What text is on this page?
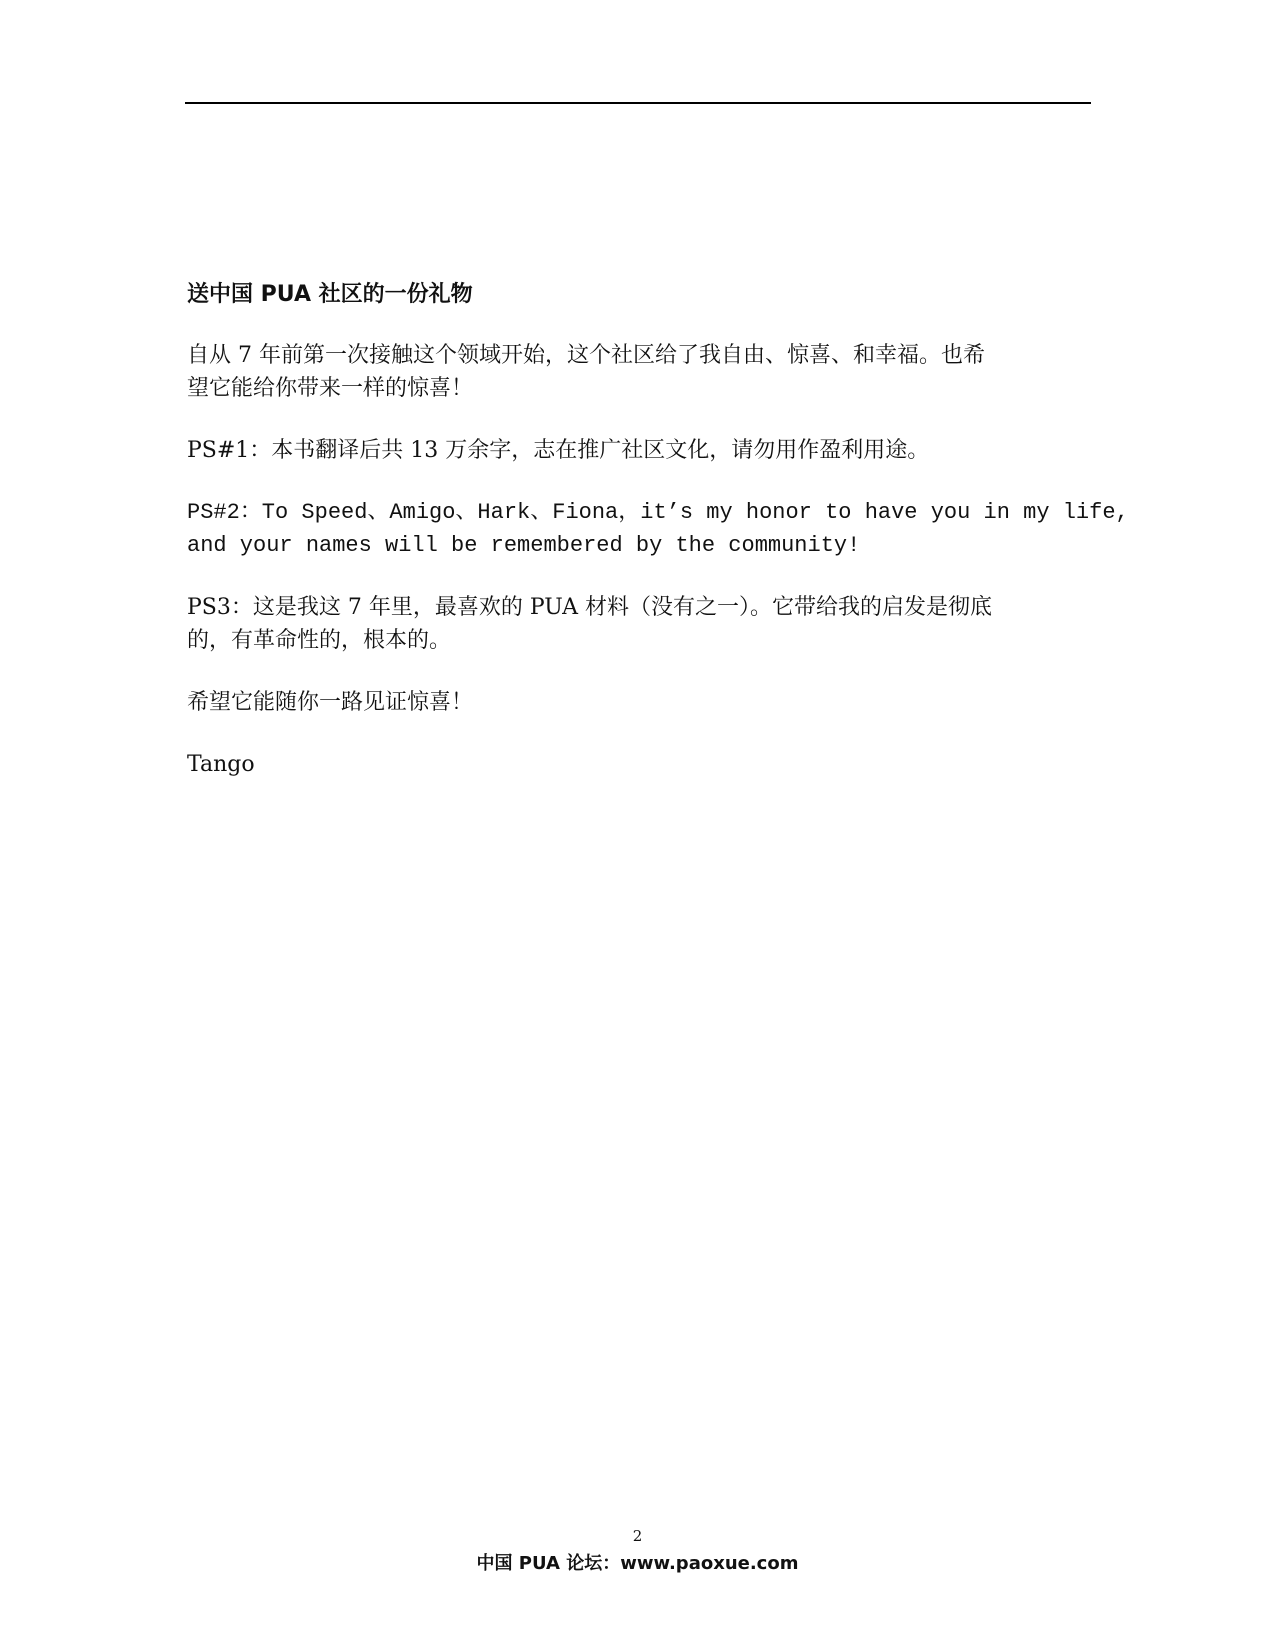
送中国 PUA 社区的一份礼物
自从 7 年前第一次接触这个领域开始，这个社区给了我自由、惊喜、和幸福。也希
望它能给你带来一样的惊喜！
PS#1：本书翻译后共 13 万余字，志在推广社区文化，请勿用作盈利用途。
PS#2：To Speed、Amigo、Hark、Fiona，it’s my honor to have you in my life,
and your names will be remembered by the community!
PS3：这是我这 7 年里，最喜欢的 PUA 材料（没有之一）。它带给我的启发是彻底
的，有革命性的，根本的。
希望它能随你一路见证惊喜！
Tango
2
中国 PUA 论坛：www.paoxue.com
